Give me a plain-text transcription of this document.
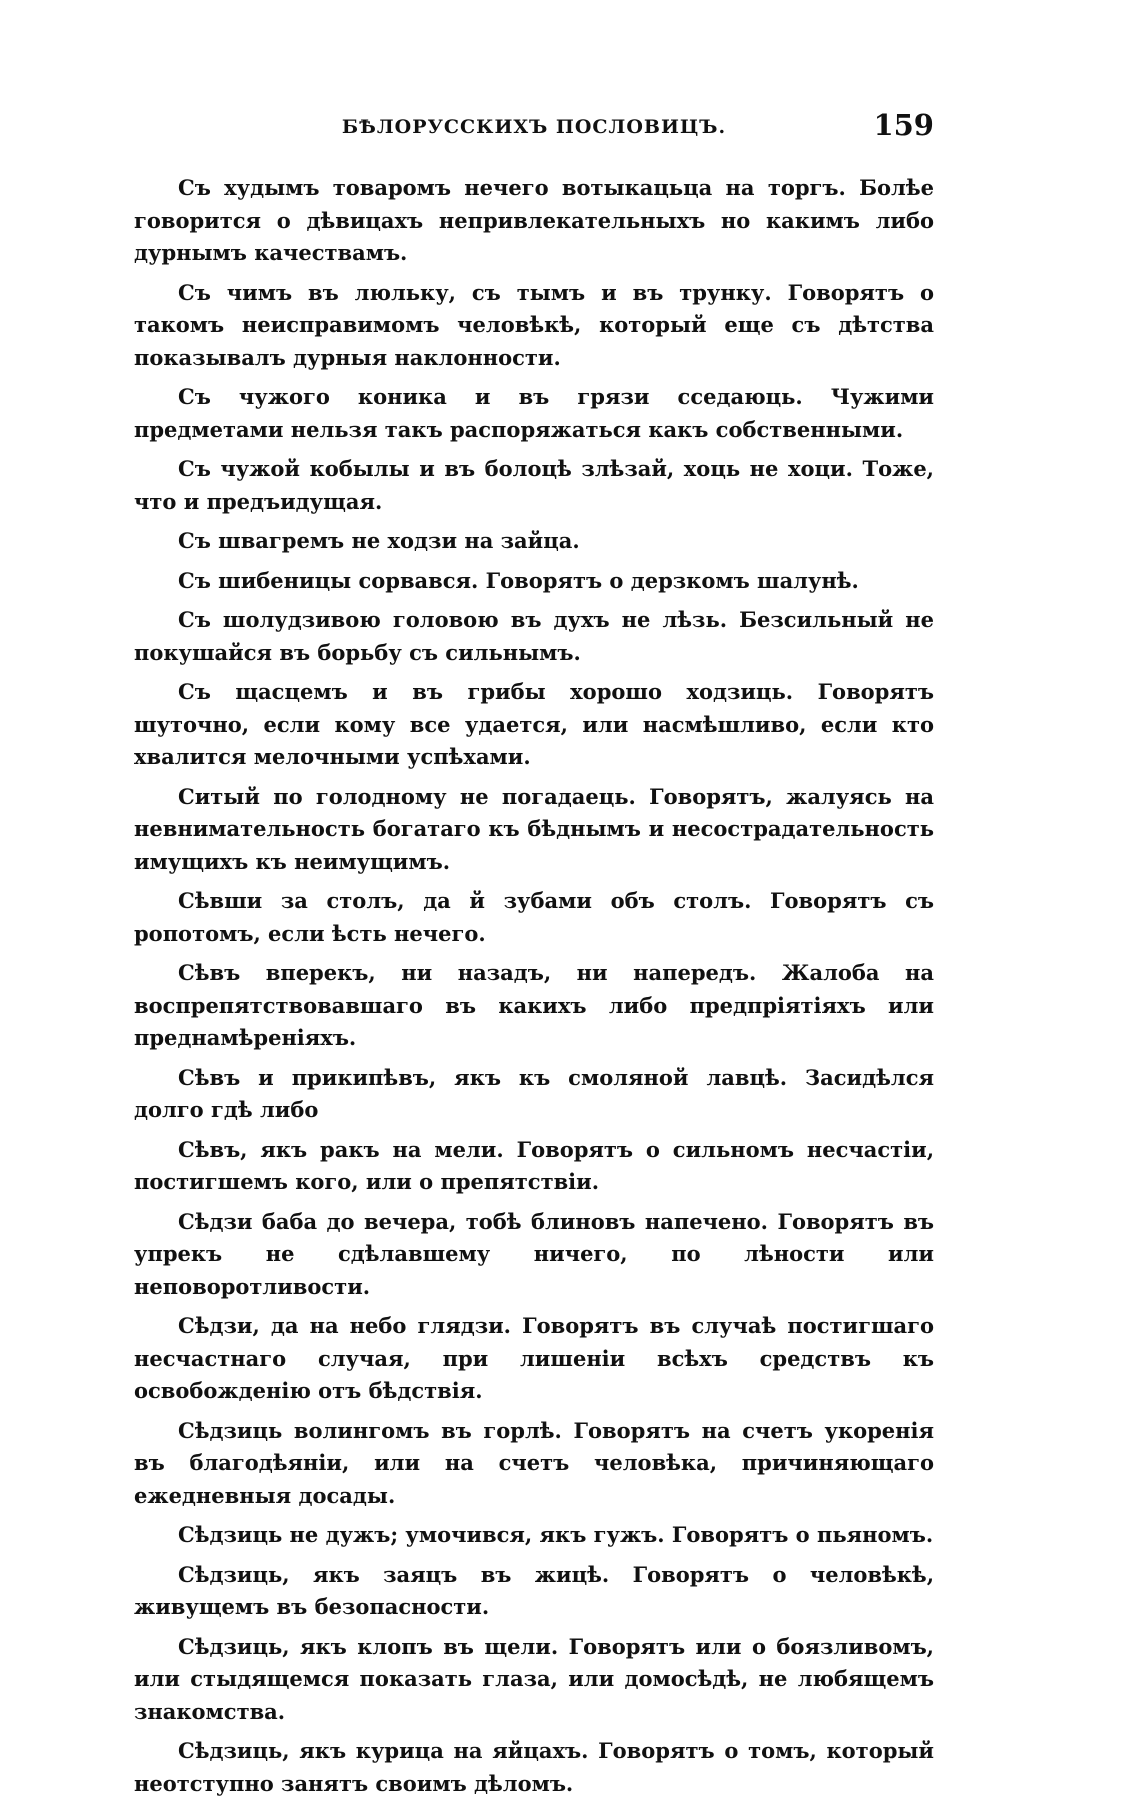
БѢЛОРУССКИХЪ ПОСЛОВИЦЪ.	159

Съ худымъ товаромъ нечего вотыкацьца на торгъ. Болѣе говорится о дѣвицахъ непривлекательныхъ но какимъ либо дурнымъ качествамъ.

Съ чимъ въ люльку, съ тымъ и въ трунку. Говорятъ о такомъ неисправимомъ человѣкѣ, который еще съ дѣтства показывалъ дурныя наклонности.

Съ чужого коника и въ грязи сседаюць. Чужими предметами нельзя такъ распоряжаться какъ собственными.

Съ чужой кобылы и въ болоцѣ злѣзай, хоць не хоци. Тоже, что и предъидущая.

Съ швагремъ не ходзи на зайца.

Съ шибеницы сорвався. Говорятъ о дерзкомъ шалунѣ.

Съ шолудзивою головою въ духъ не лѣзь. Безсильный не покушайся въ борьбу съ сильнымъ.

Съ щасцемъ и въ грибы хорошо ходзиць. Говорятъ шуточно, если кому все удается, или насмѣшливо, если кто хвалится мелочными успѣхами.

Ситый по голодному не погадаець. Говорятъ, жалуясь на невнимательность богатаго къ бѣднымъ и несострадательность имущихъ къ неимущимъ.

Сѣвши за столъ, да й зубами объ столъ. Говорятъ съ ропотомъ, если ѣсть нечего.

Сѣвъ вперекъ, ни назадъ, ни напередъ. Жалоба на воспрепятствовавшаго въ какихъ либо предпріятіяхъ или преднамѣреніяхъ.

Сѣвъ и прикипѣвъ, якъ къ смоляной лавцѣ. Засидѣлся долго гдѣ либо

Сѣвъ, якъ ракъ на мели. Говорятъ о сильномъ несчастіи, постигшемъ кого, или о препятствіи.

Сѣдзи баба до вечера, тобѣ блиновъ напечено. Говорятъ въ упрекъ не сдѣлавшему ничего, по лѣности или неповоротливости.

Сѣдзи, да на небо глядзи. Говорятъ въ случаѣ постигшаго несчастнаго случая, при лишеніи всѣхъ средствъ къ освобожденію отъ бѣдствія.

Сѣдзиць волингомъ въ горлѣ. Говорятъ на счетъ укоренія въ благодѣяніи, или на счетъ человѣка, причиняющаго ежедневныя досады.

Сѣдзиць не дужъ; умочився, якъ гужъ. Говорятъ о пьяномъ.

Сѣдзиць, якъ заяцъ въ жицѣ. Говорятъ о человѣкѣ, живущемъ въ безопасности.

Сѣдзиць, якъ клопъ въ щели. Говорятъ или о боязливомъ, или стыдящемся показать глаза, или домосѣдѣ, не любящемъ знакомства.

Сѣдзиць, якъ курица на яйцахъ. Говорятъ о томъ, который неотступно занятъ своимъ дѣломъ.
